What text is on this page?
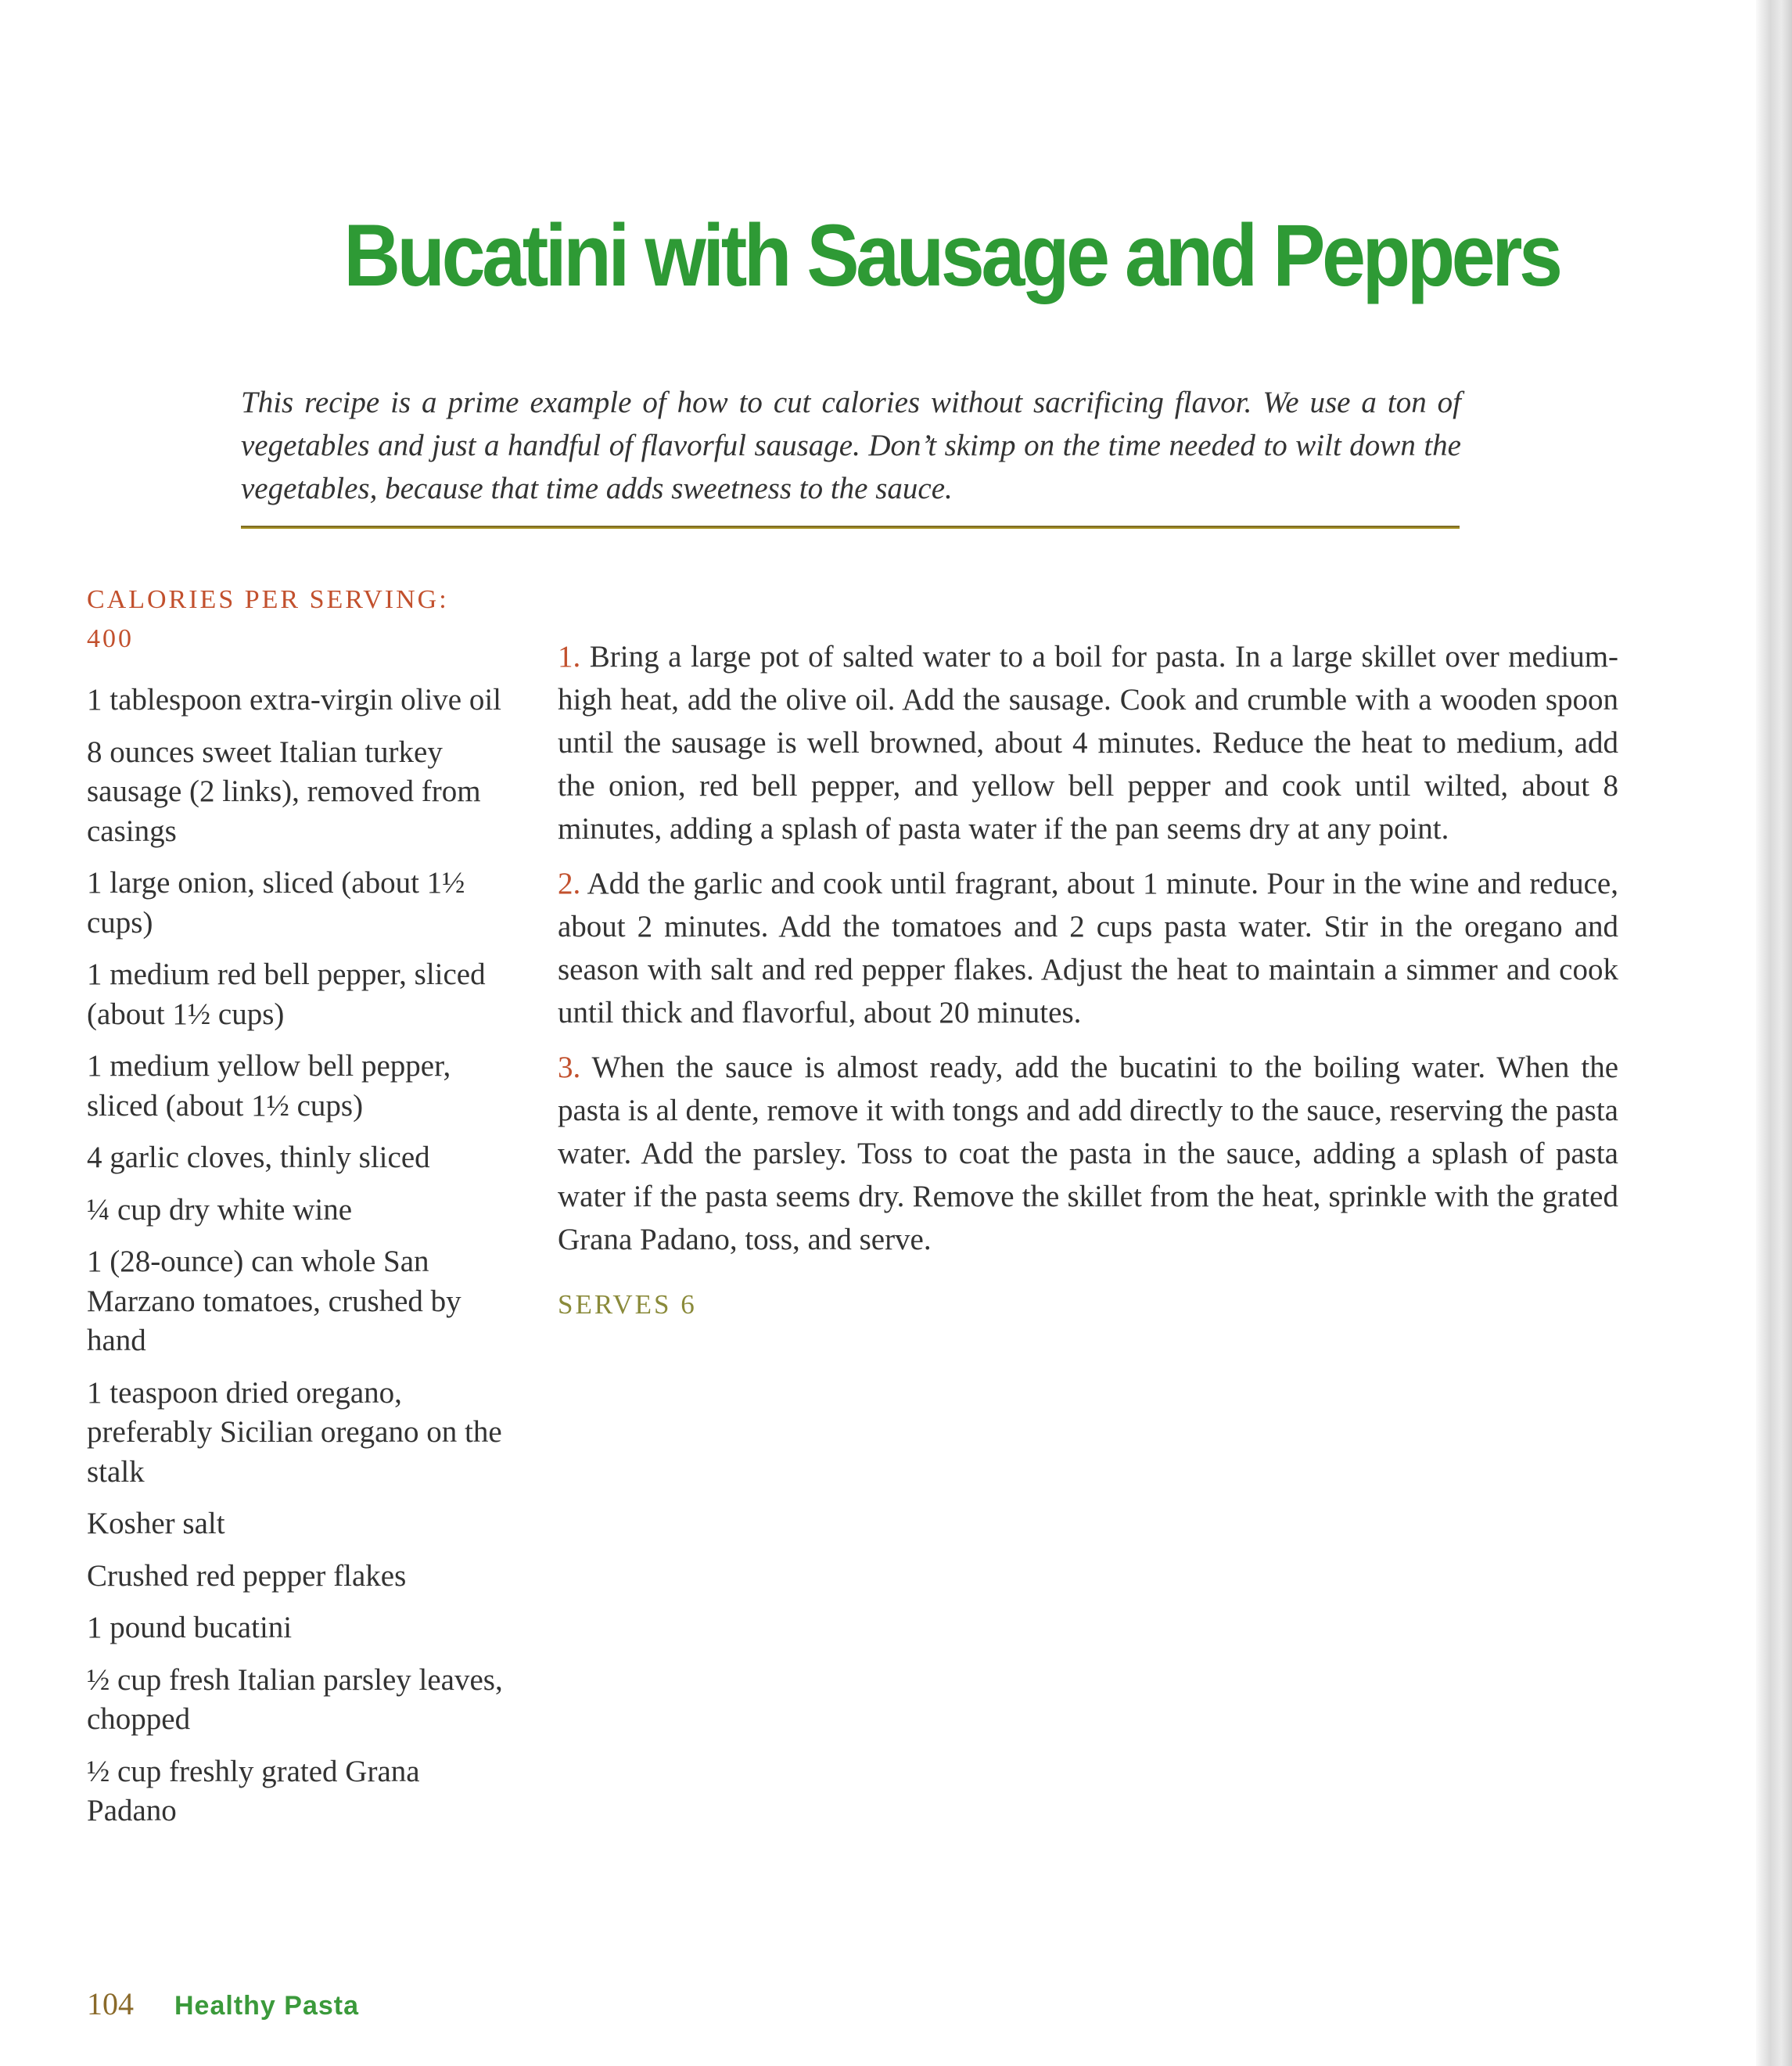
Bucatini with Sausage and Peppers
This recipe is a prime example of how to cut calories without sacrificing flavor. We use a ton of vegetables and just a handful of flavorful sausage. Don’t skimp on the time needed to wilt down the vegetables, because that time adds sweetness to the sauce.
CALORIES PER SERVING:
400
1 tablespoon extra-virgin olive oil
8 ounces sweet Italian turkey sausage (2 links), removed from casings
1 large onion, sliced (about 1½ cups)
1 medium red bell pepper, sliced (about 1½ cups)
1 medium yellow bell pepper, sliced (about 1½ cups)
4 garlic cloves, thinly sliced
¼ cup dry white wine
1 (28-ounce) can whole San Marzano tomatoes, crushed by hand
1 teaspoon dried oregano, preferably Sicilian oregano on the stalk
Kosher salt
Crushed red pepper flakes
1 pound bucatini
½ cup fresh Italian parsley leaves, chopped
½ cup freshly grated Grana Padano

1. Bring a large pot of salted water to a boil for pasta. In a large skillet over medium-high heat, add the olive oil. Add the sausage. Cook and crumble with a wooden spoon until the sausage is well browned, about 4 minutes. Reduce the heat to medium, add the onion, red bell pepper, and yellow bell pepper and cook until wilted, about 8 minutes, adding a splash of pasta water if the pan seems dry at any point.

2. Add the garlic and cook until fragrant, about 1 minute. Pour in the wine and reduce, about 2 minutes. Add the tomatoes and 2 cups pasta water. Stir in the oregano and season with salt and red pepper flakes. Adjust the heat to maintain a simmer and cook until thick and flavorful, about 20 minutes.

3. When the sauce is almost ready, add the bucatini to the boiling water. When the pasta is al dente, remove it with tongs and add directly to the sauce, reserving the pasta water. Add the parsley. Toss to coat the pasta in the sauce, adding a splash of pasta water if the pasta seems dry. Remove the skillet from the heat, sprinkle with the grated Grana Padano, toss, and serve.

SERVES 6
104 Healthy Pasta
